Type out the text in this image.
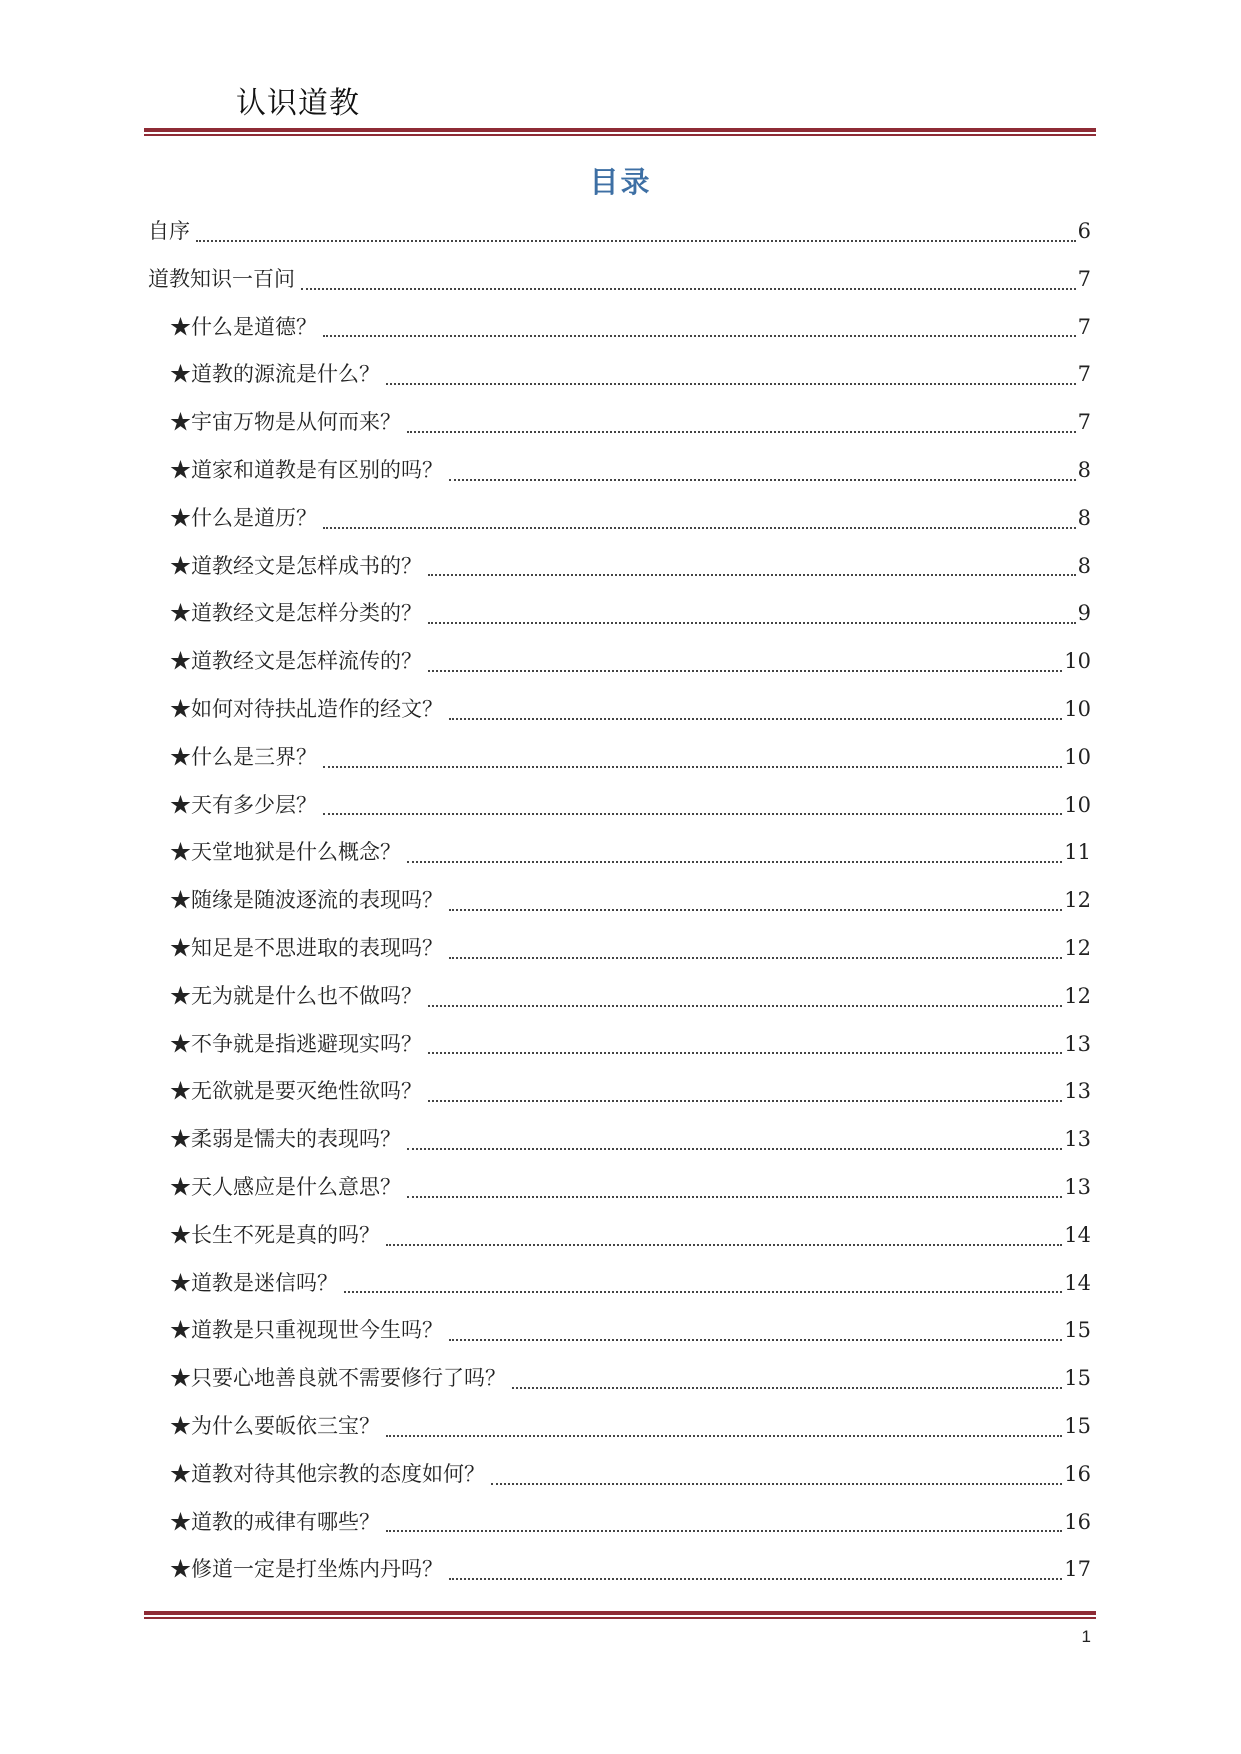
认识道教
目录
自序	6
道教知识一百问	7
★什么是道德？	7
★道教的源流是什么？	7
★宇宙万物是从何而来？	7
★道家和道教是有区别的吗？	8
★什么是道历？	8
★道教经文是怎样成书的？	8
★道教经文是怎样分类的？	9
★道教经文是怎样流传的？	10
★如何对待扶乩造作的经文？	10
★什么是三界？	10
★天有多少层？	10
★天堂地狱是什么概念？	11
★随缘是随波逐流的表现吗？	12
★知足是不思进取的表现吗？	12
★无为就是什么也不做吗？	12
★不争就是指逃避现实吗？	13
★无欲就是要灭绝性欲吗？	13
★柔弱是懦夫的表现吗？	13
★天人感应是什么意思？	13
★长生不死是真的吗？	14
★道教是迷信吗？	14
★道教是只重视现世今生吗？	15
★只要心地善良就不需要修行了吗？	15
★为什么要皈依三宝？	15
★道教对待其他宗教的态度如何？	16
★道教的戒律有哪些？	16
★修道一定是打坐炼内丹吗？	17
1
